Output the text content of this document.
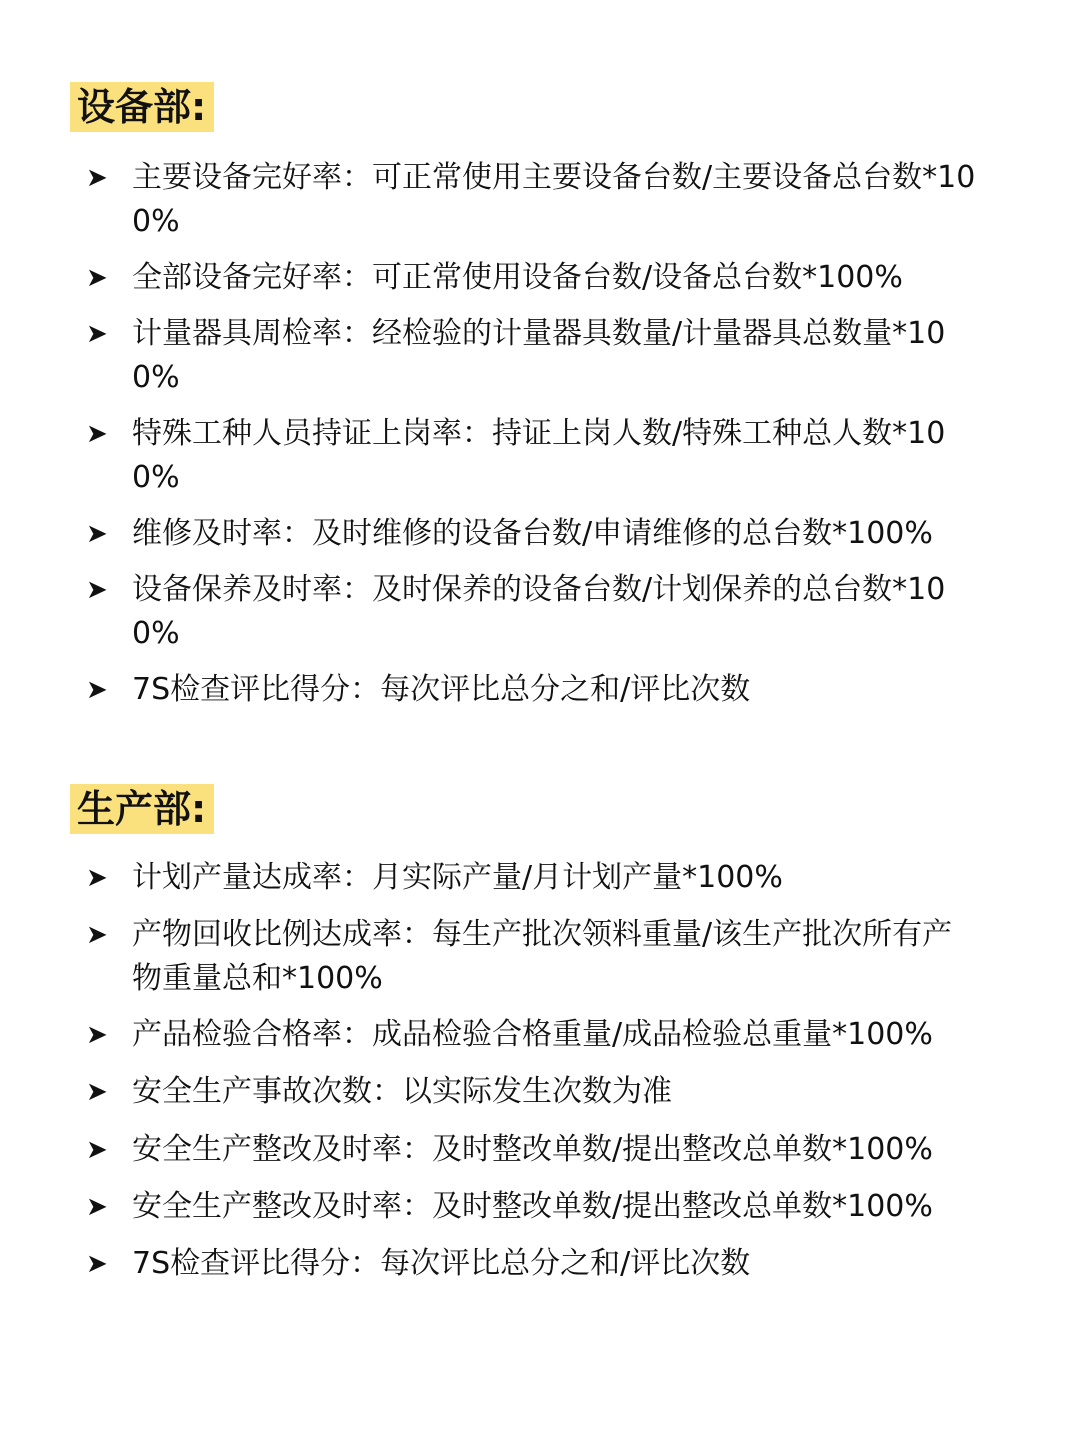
设备部:
➤ 主要设备完好率：可正常使用主要设备台数/主要设备总台数*100%
➤ 全部设备完好率：可正常使用设备台数/设备总台数*100%
➤ 计量器具周检率：经检验的计量器具数量/计量器具总数量*100%
➤ 特殊工种人员持证上岗率：持证上岗人数/特殊工种总人数*100%
➤ 维修及时率：及时维修的设备台数/申请维修的总台数*100%
➤ 设备保养及时率：及时保养的设备台数/计划保养的总台数*100%
➤ 7S检查评比得分：每次评比总分之和/评比次数
生产部:
➤ 计划产量达成率：月实际产量/月计划产量*100%
➤ 产物回收比例达成率：每生产批次领料重量/该生产批次所有产物重量总和*100%
➤ 产品检验合格率：成品检验合格重量/成品检验总重量*100%
➤ 安全生产事故次数：以实际发生次数为准
➤ 安全生产整改及时率：及时整改单数/提出整改总单数*100%
➤ 安全生产整改及时率：及时整改单数/提出整改总单数*100%
➤ 7S检查评比得分：每次评比总分之和/评比次数
